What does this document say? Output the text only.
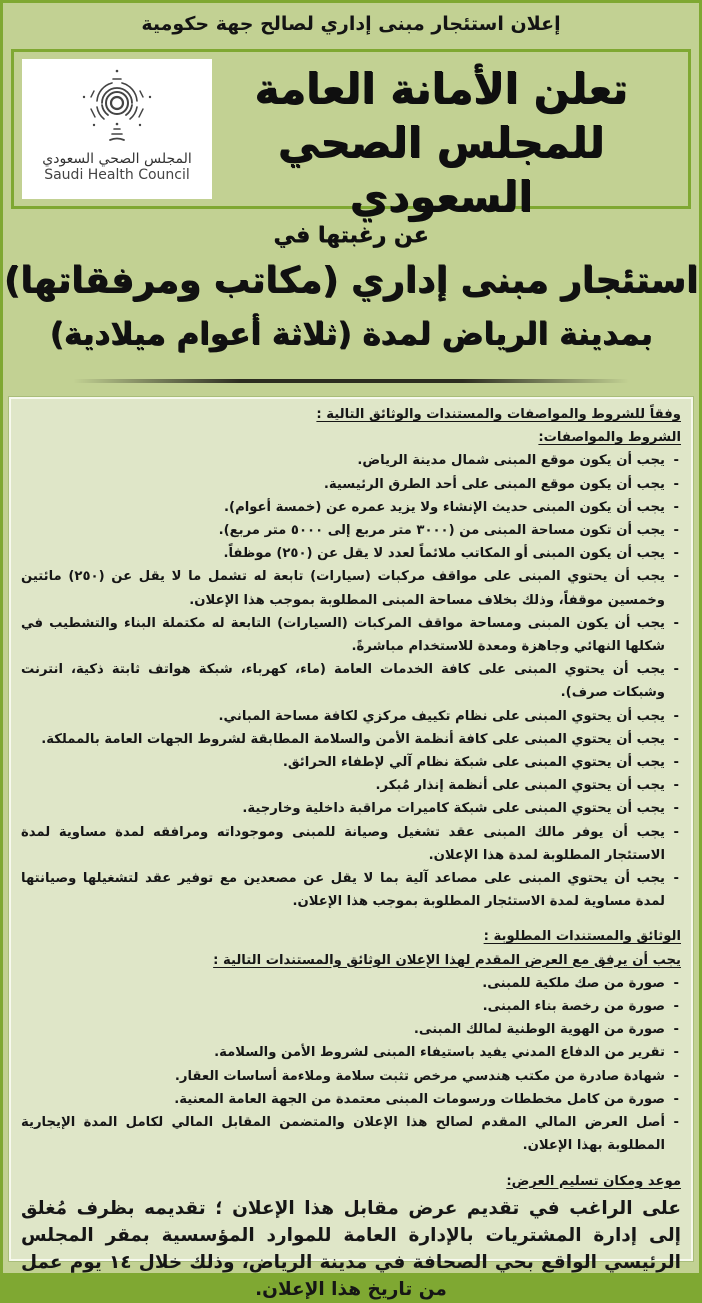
إعلان استئجار مبنى إداري لصالح جهة حكومية
المجلس الصحي السعودي
Saudi Health Council
تعلن الأمانة العامة للمجلس الصحي السعودي
عن رغبتها في
استئجار مبنى إداري (مكاتب ومرفقاتها)
بمدينة الرياض لمدة (ثلاثة أعوام ميلادية)
وفقاً للشروط والمواصفات والمستندات والوثائق التالية :
الشروط والمواصفات:
- يجب أن يكون موقع المبنى شمال مدينة الرياض.
- يجب أن يكون موقع المبنى على أحد الطرق الرئيسية.
- يجب أن يكون المبنى حديث الإنشاء ولا يزيد عمره عن (خمسة أعوام).
- يجب أن تكون مساحة المبنى من (٣٠٠٠ متر مربع إلى ٥٠٠٠ متر مربع).
- يجب أن يكون المبنى أو المكاتب ملائماً لعدد لا يقل عن (٢٥٠) موظفاً.
- يجب أن يحتوي المبنى على مواقف مركبات (سيارات) تابعة له تشمل ما لا يقل عن (٢٥٠) مائتين وخمسين موقفاً، وذلك بخلاف مساحة المبنى المطلوبة بموجب هذا الإعلان.
- يجب أن يكون المبنى ومساحة مواقف المركبات (السيارات) التابعة له مكتملة البناء والتشطيب في شكلها النهائي وجاهزة ومعدة للاستخدام مباشرةً.
- يجب أن يحتوي المبنى على كافة الخدمات العامة (ماء، كهرباء، شبكة هواتف ثابتة ذكية، انترنت وشبكات صرف).
- يجب أن يحتوي المبنى على نظام تكييف مركزي لكافة مساحة المباني.
- يجب أن يحتوي المبنى على كافة أنظمة الأمن والسلامة المطابقة لشروط الجهات العامة بالمملكة.
- يجب أن يحتوي المبنى على شبكة نظام آلي لإطفاء الحرائق.
- يجب أن يحتوي المبنى على أنظمة إنذار مُبكر.
- يجب أن يحتوي المبنى على شبكة كاميرات مراقبة داخلية وخارجية.
- يجب أن يوفر مالك المبنى عقد تشغيل وصيانة للمبنى وموجوداته ومرافقه لمدة مساوية لمدة الاستئجار المطلوبة لمدة هذا الإعلان.
- يجب أن يحتوي المبنى على مصاعد آلية بما لا يقل عن مصعدين مع توفير عقد لتشغيلها وصيانتها لمدة مساوية لمدة الاستئجار المطلوبة بموجب هذا الإعلان.
الوثائق والمستندات المطلوبة :
يجب أن يرفق مع العرض المقدم لهذا الإعلان الوثائق والمستندات التالية :
- صورة من صك ملكية للمبنى.
- صورة من رخصة بناء المبنى.
- صورة من الهوية الوطنية لمالك المبنى.
- تقرير من الدفاع المدني يفيد باستيفاء المبنى لشروط الأمن والسلامة.
- شهادة صادرة من مكتب هندسي مرخص تثبت سلامة وملاءمة أساسات العقار.
- صورة من كامل مخططات ورسومات المبنى معتمدة من الجهة العامة المعنية.
- أصل العرض المالي المقدم لصالح هذا الإعلان والمتضمن المقابل المالي لكامل المدة الإيجارية المطلوبة بهذا الإعلان.
موعد ومكان تسليم العرض:
على الراغب في تقديم عرض مقابل هذا الإعلان ؛ تقديمه بظرف مُغلق إلى إدارة المشتريات بالإدارة العامة للموارد المؤسسية بمقر المجلس الرئيسي الواقع بحي الصحافة في مدينة الرياض، وذلك خلال ١٤ يوم عمل من تاريخ هذا الإعلان.
